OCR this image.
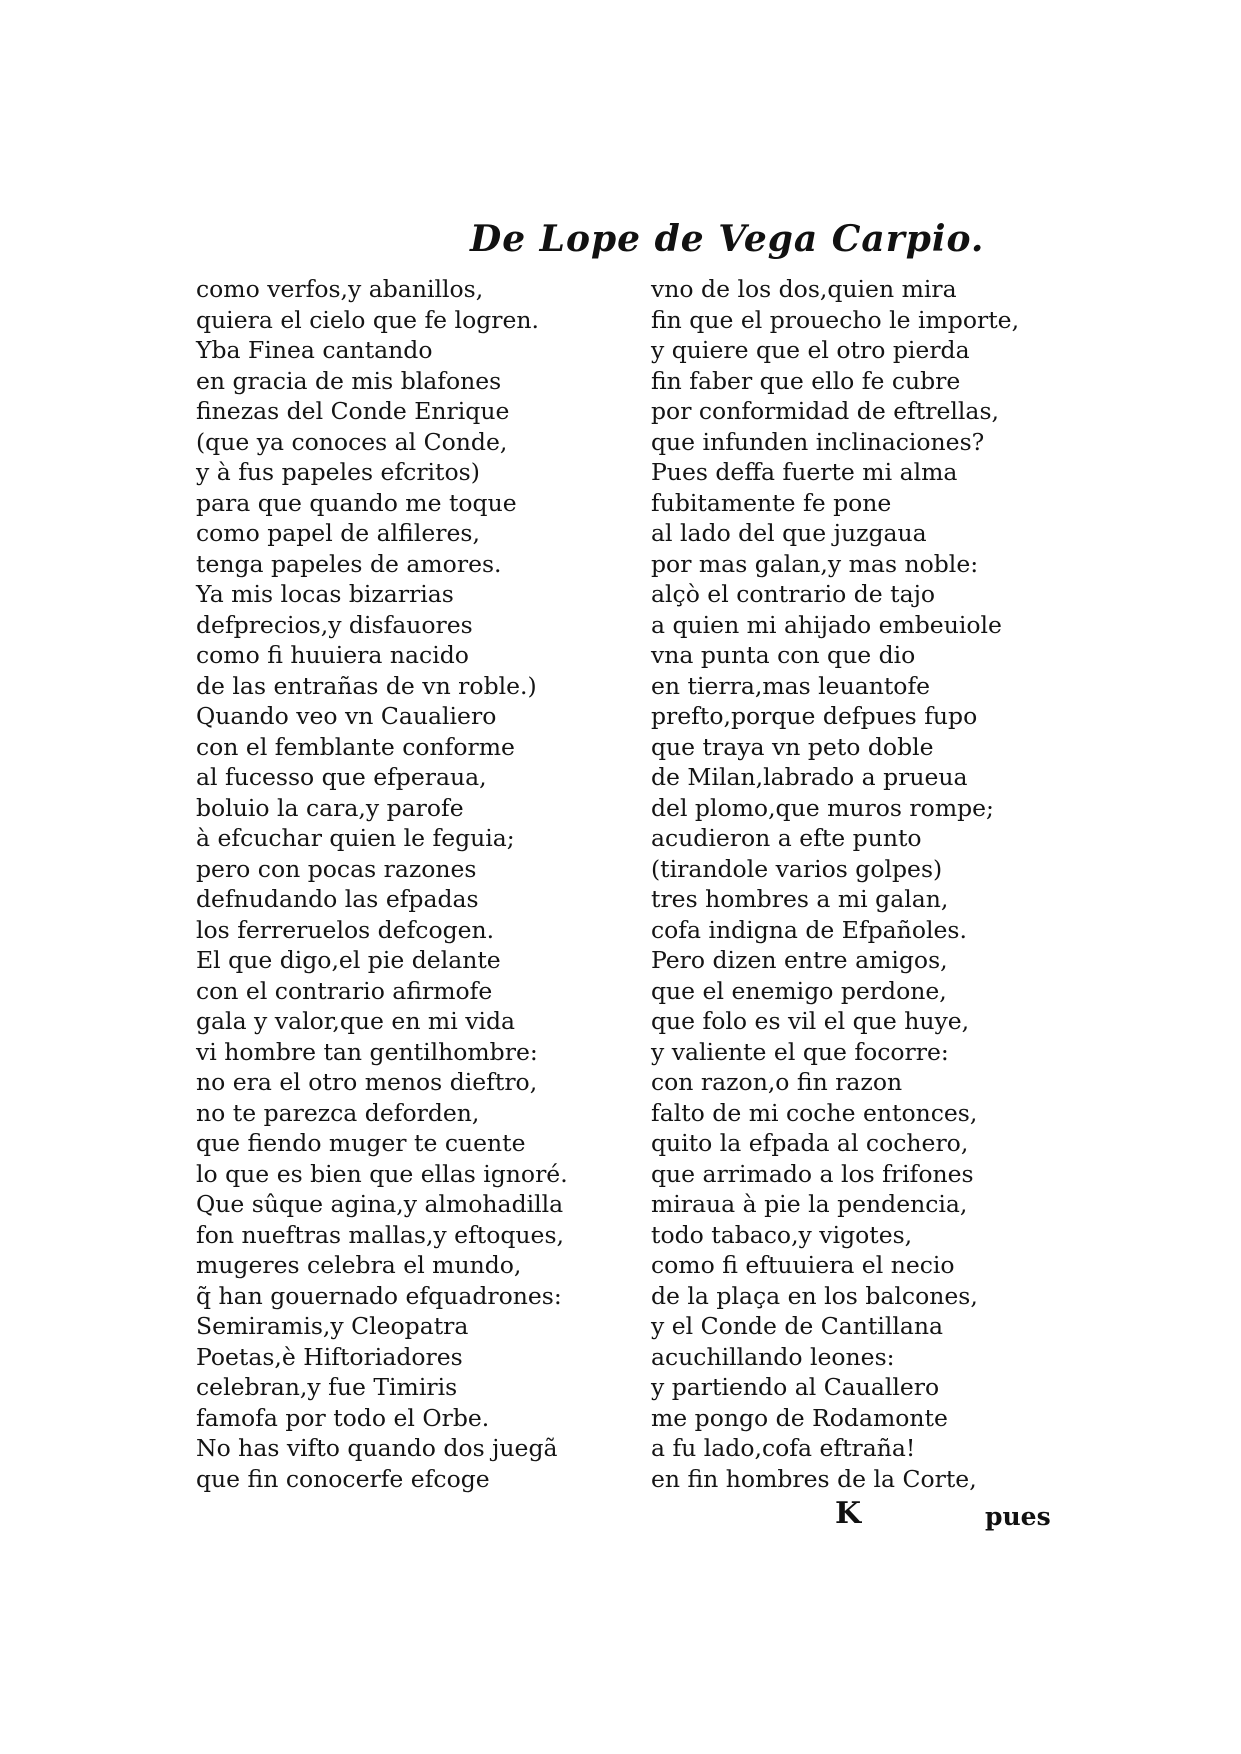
De Lope de Vega Carpio.
como verfos,y abanillos,
quiera el cielo que fe logren.
Yba Finea cantando
en gracia de mis blafones
finezas del Conde Enrique
(que ya conoces al Conde,
y à fus papeles efcritos)
para que quando me toque
como papel de alfileres,
tenga papeles de amores.
Ya mis locas bizarrias
defprecios,y disfauores
como fi huuiera nacido
de las entrañas de vn roble.)
Quando veo vn Caualiero
con el femblante conforme
al fucesso que efperaua,
boluio la cara,y parofe
à efcuchar quien le feguia;
pero con pocas razones
defnudando las efpadas
los ferreruelos defcogen.
El que digo,el pie delante
con el contrario afirmofe
gala y valor,que en mi vida
vi hombre tan gentilhombre:
no era el otro menos dieftro,
no te parezca deforden,
que fiendo muger te cuente
lo que es bien que ellas ignoré.
Que sûque agina,y almohadilla
fon nueftras mallas,y eftoques,
mugeres celebra el mundo,
q̃ han gouernado efquadrones:
Semiramis,y Cleopatra
Poetas,è Hiftoriadores
celebran,y fue Timiris
famofa por todo el Orbe.
No has vifto quando dos juegã
que fin conocerfe efcoge
vno de los dos,quien mira
fin que el prouecho le importe,
y quiere que el otro pierda
fin faber que ello fe cubre
por conformidad de eftrellas,
que infunden inclinaciones?
Pues deffa fuerte mi alma
fubitamente fe pone
al lado del que juzgaua
por mas galan,y mas noble:
alçò el contrario de tajo
a quien mi ahijado embeuiole
vna punta con que dio
en tierra,mas leuantofe
prefto,porque defpues fupo
que traya vn peto doble
de Milan,labrado a prueua
del plomo,que muros rompe;
acudieron a efte punto
(tirandole varios golpes)
tres hombres a mi galan,
cofa indigna de Efpañoles.
Pero dizen entre amigos,
que el enemigo perdone,
que folo es vil el que huye,
y valiente el que focorre:
con razon,o fin razon
falto de mi coche entonces,
quito la efpada al cochero,
que arrimado a los frifones
miraua à pie la pendencia,
todo tabaco,y vigotes,
como fi eftuuiera el necio
de la plaça en los balcones,
y el Conde de Cantillana
acuchillando leones:
y partiendo al Cauallero
me pongo de Rodamonte
a fu lado,cofa eftraña!
en fin hombres de la Corte,
K	pues
